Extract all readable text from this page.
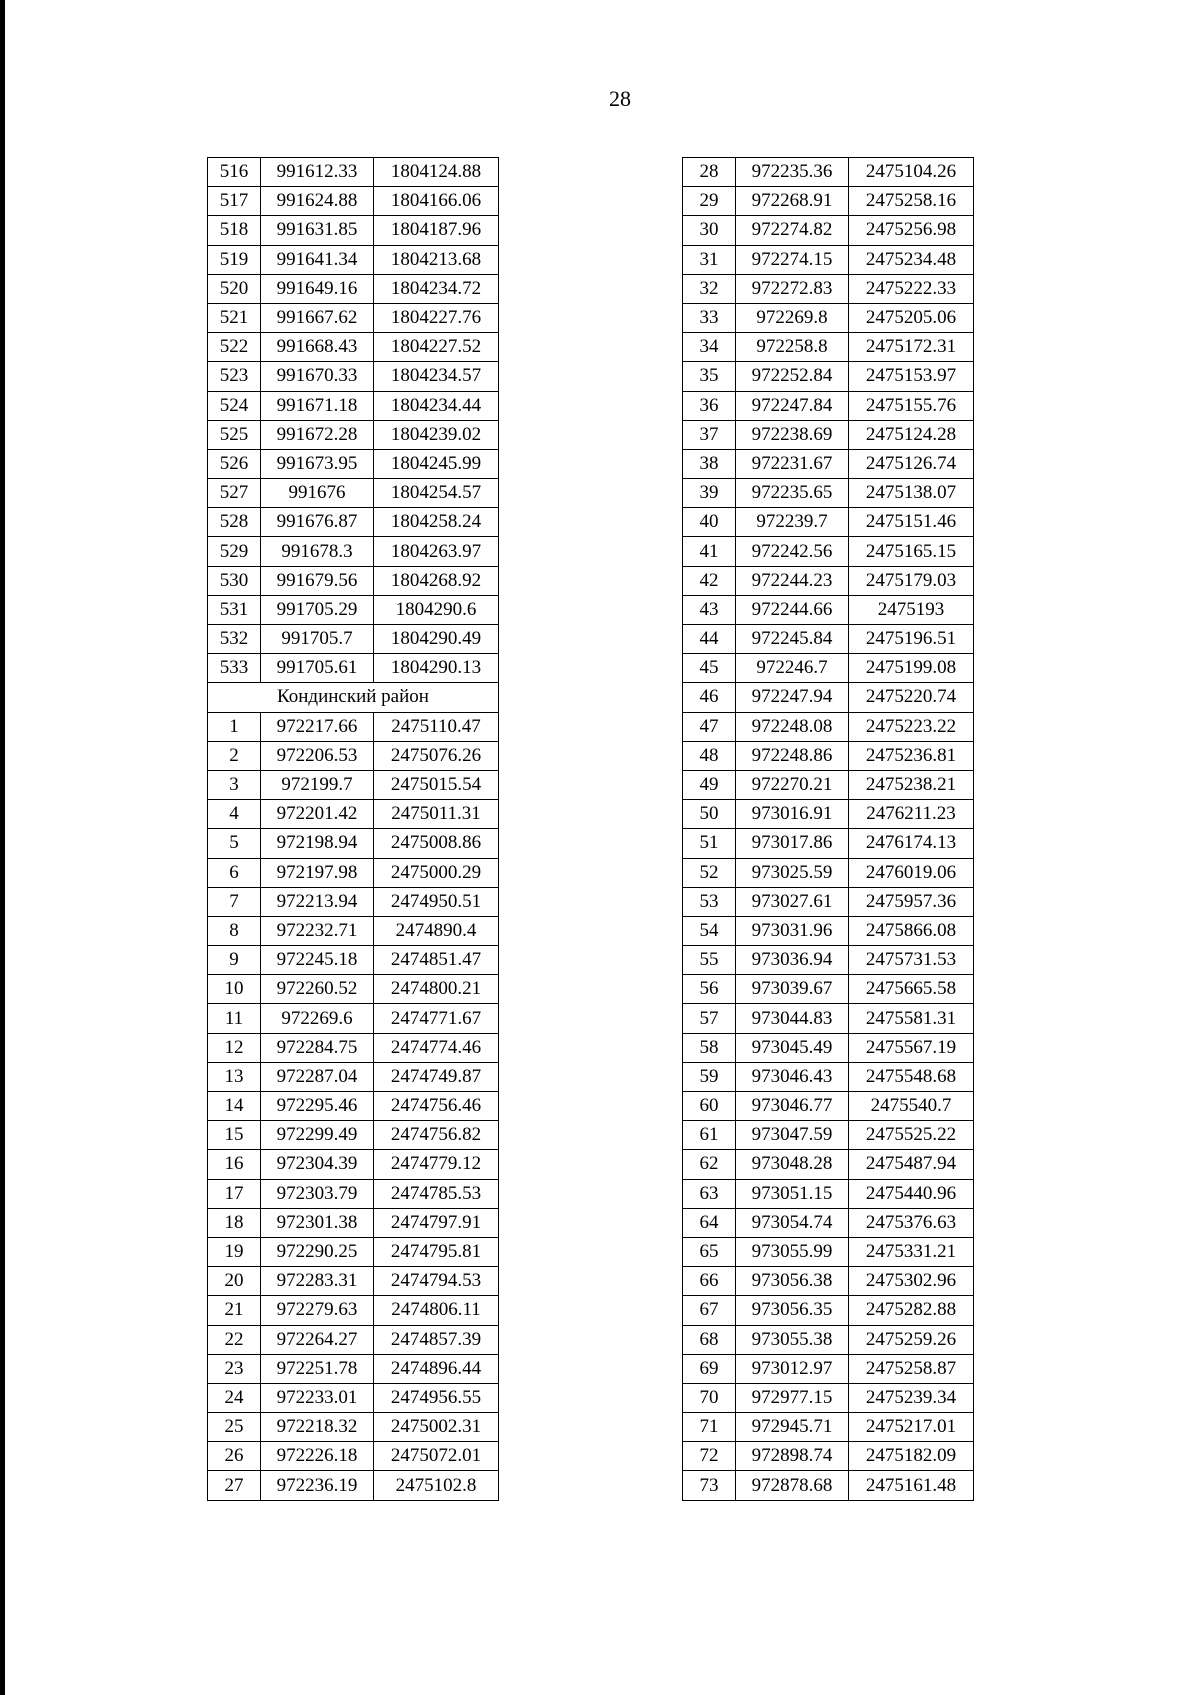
28
516	991612.33	1804124.88
517	991624.88	1804166.06
518	991631.85	1804187.96
519	991641.34	1804213.68
520	991649.16	1804234.72
521	991667.62	1804227.76
522	991668.43	1804227.52
523	991670.33	1804234.57
524	991671.18	1804234.44
525	991672.28	1804239.02
526	991673.95	1804245.99
527	991676	1804254.57
528	991676.87	1804258.24
529	991678.3	1804263.97
530	991679.56	1804268.92
531	991705.29	1804290.6
532	991705.7	1804290.49
533	991705.61	1804290.13
Кондинский район		
1	972217.66	2475110.47
2	972206.53	2475076.26
3	972199.7	2475015.54
4	972201.42	2475011.31
5	972198.94	2475008.86
6	972197.98	2475000.29
7	972213.94	2474950.51
8	972232.71	2474890.4
9	972245.18	2474851.47
10	972260.52	2474800.21
11	972269.6	2474771.67
12	972284.75	2474774.46
13	972287.04	2474749.87
14	972295.46	2474756.46
15	972299.49	2474756.82
16	972304.39	2474779.12
17	972303.79	2474785.53
18	972301.38	2474797.91
19	972290.25	2474795.81
20	972283.31	2474794.53
21	972279.63	2474806.11
22	972264.27	2474857.39
23	972251.78	2474896.44
24	972233.01	2474956.55
25	972218.32	2475002.31
26	972226.18	2475072.01
27	972236.19	2475102.8
28	972235.36	2475104.26
29	972268.91	2475258.16
30	972274.82	2475256.98
31	972274.15	2475234.48
32	972272.83	2475222.33
33	972269.8	2475205.06
34	972258.8	2475172.31
35	972252.84	2475153.97
36	972247.84	2475155.76
37	972238.69	2475124.28
38	972231.67	2475126.74
39	972235.65	2475138.07
40	972239.7	2475151.46
41	972242.56	2475165.15
42	972244.23	2475179.03
43	972244.66	2475193
44	972245.84	2475196.51
45	972246.7	2475199.08
46	972247.94	2475220.74
47	972248.08	2475223.22
48	972248.86	2475236.81
49	972270.21	2475238.21
50	973016.91	2476211.23
51	973017.86	2476174.13
52	973025.59	2476019.06
53	973027.61	2475957.36
54	973031.96	2475866.08
55	973036.94	2475731.53
56	973039.67	2475665.58
57	973044.83	2475581.31
58	973045.49	2475567.19
59	973046.43	2475548.68
60	973046.77	2475540.7
61	973047.59	2475525.22
62	973048.28	2475487.94
63	973051.15	2475440.96
64	973054.74	2475376.63
65	973055.99	2475331.21
66	973056.38	2475302.96
67	973056.35	2475282.88
68	973055.38	2475259.26
69	973012.97	2475258.87
70	972977.15	2475239.34
71	972945.71	2475217.01
72	972898.74	2475182.09
73	972878.68	2475161.48
